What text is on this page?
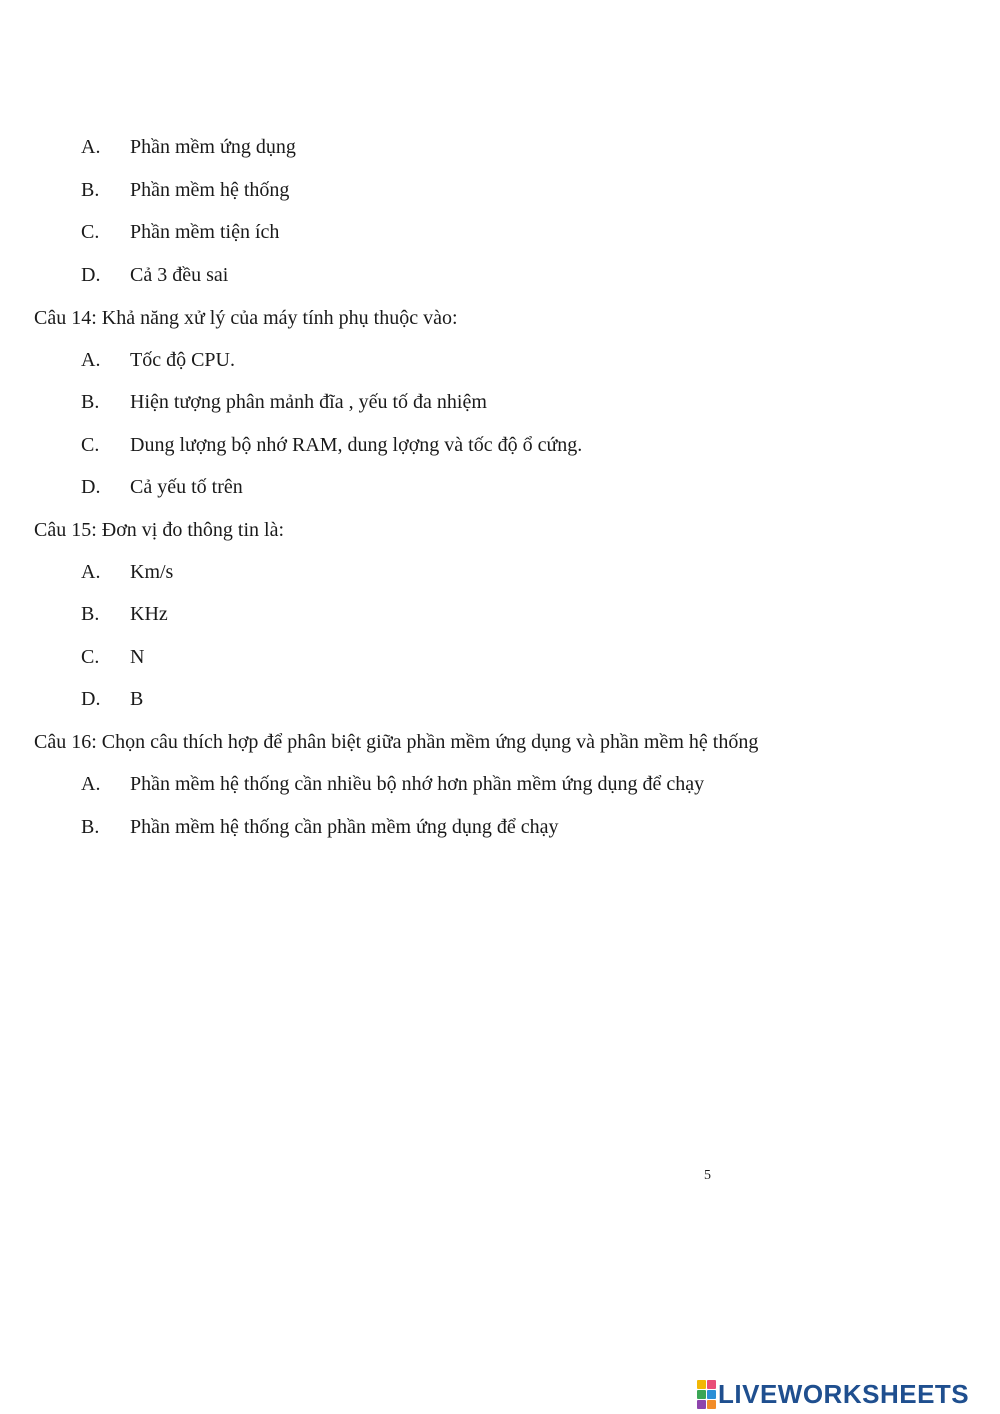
A. Phần mềm ứng dụng
B. Phần mềm hệ thống
C. Phần mềm tiện ích
D. Cả 3 đều sai
Câu 14: Khả năng xử lý của máy tính phụ thuộc vào:
A. Tốc độ CPU.
B. Hiện tượng phân mảnh đĩa , yếu tố đa nhiệm
C. Dung lượng bộ nhớ RAM, dung lợợng và tốc độ ổ cứng.
D. Cả yếu tố trên
Câu 15: Đơn vị đo thông tin là:
A. Km/s
B. KHz
C. N
D. B
Câu 16: Chọn câu thích hợp để phân biệt giữa phần mềm ứng dụng và phần mềm hệ thống
A. Phần mềm hệ thống cần nhiều bộ nhớ hơn phần mềm ứng dụng để chạy
B. Phần mềm hệ thống cần phần mềm ứng dụng để chạy
5
LIVEWORKSHEETS
